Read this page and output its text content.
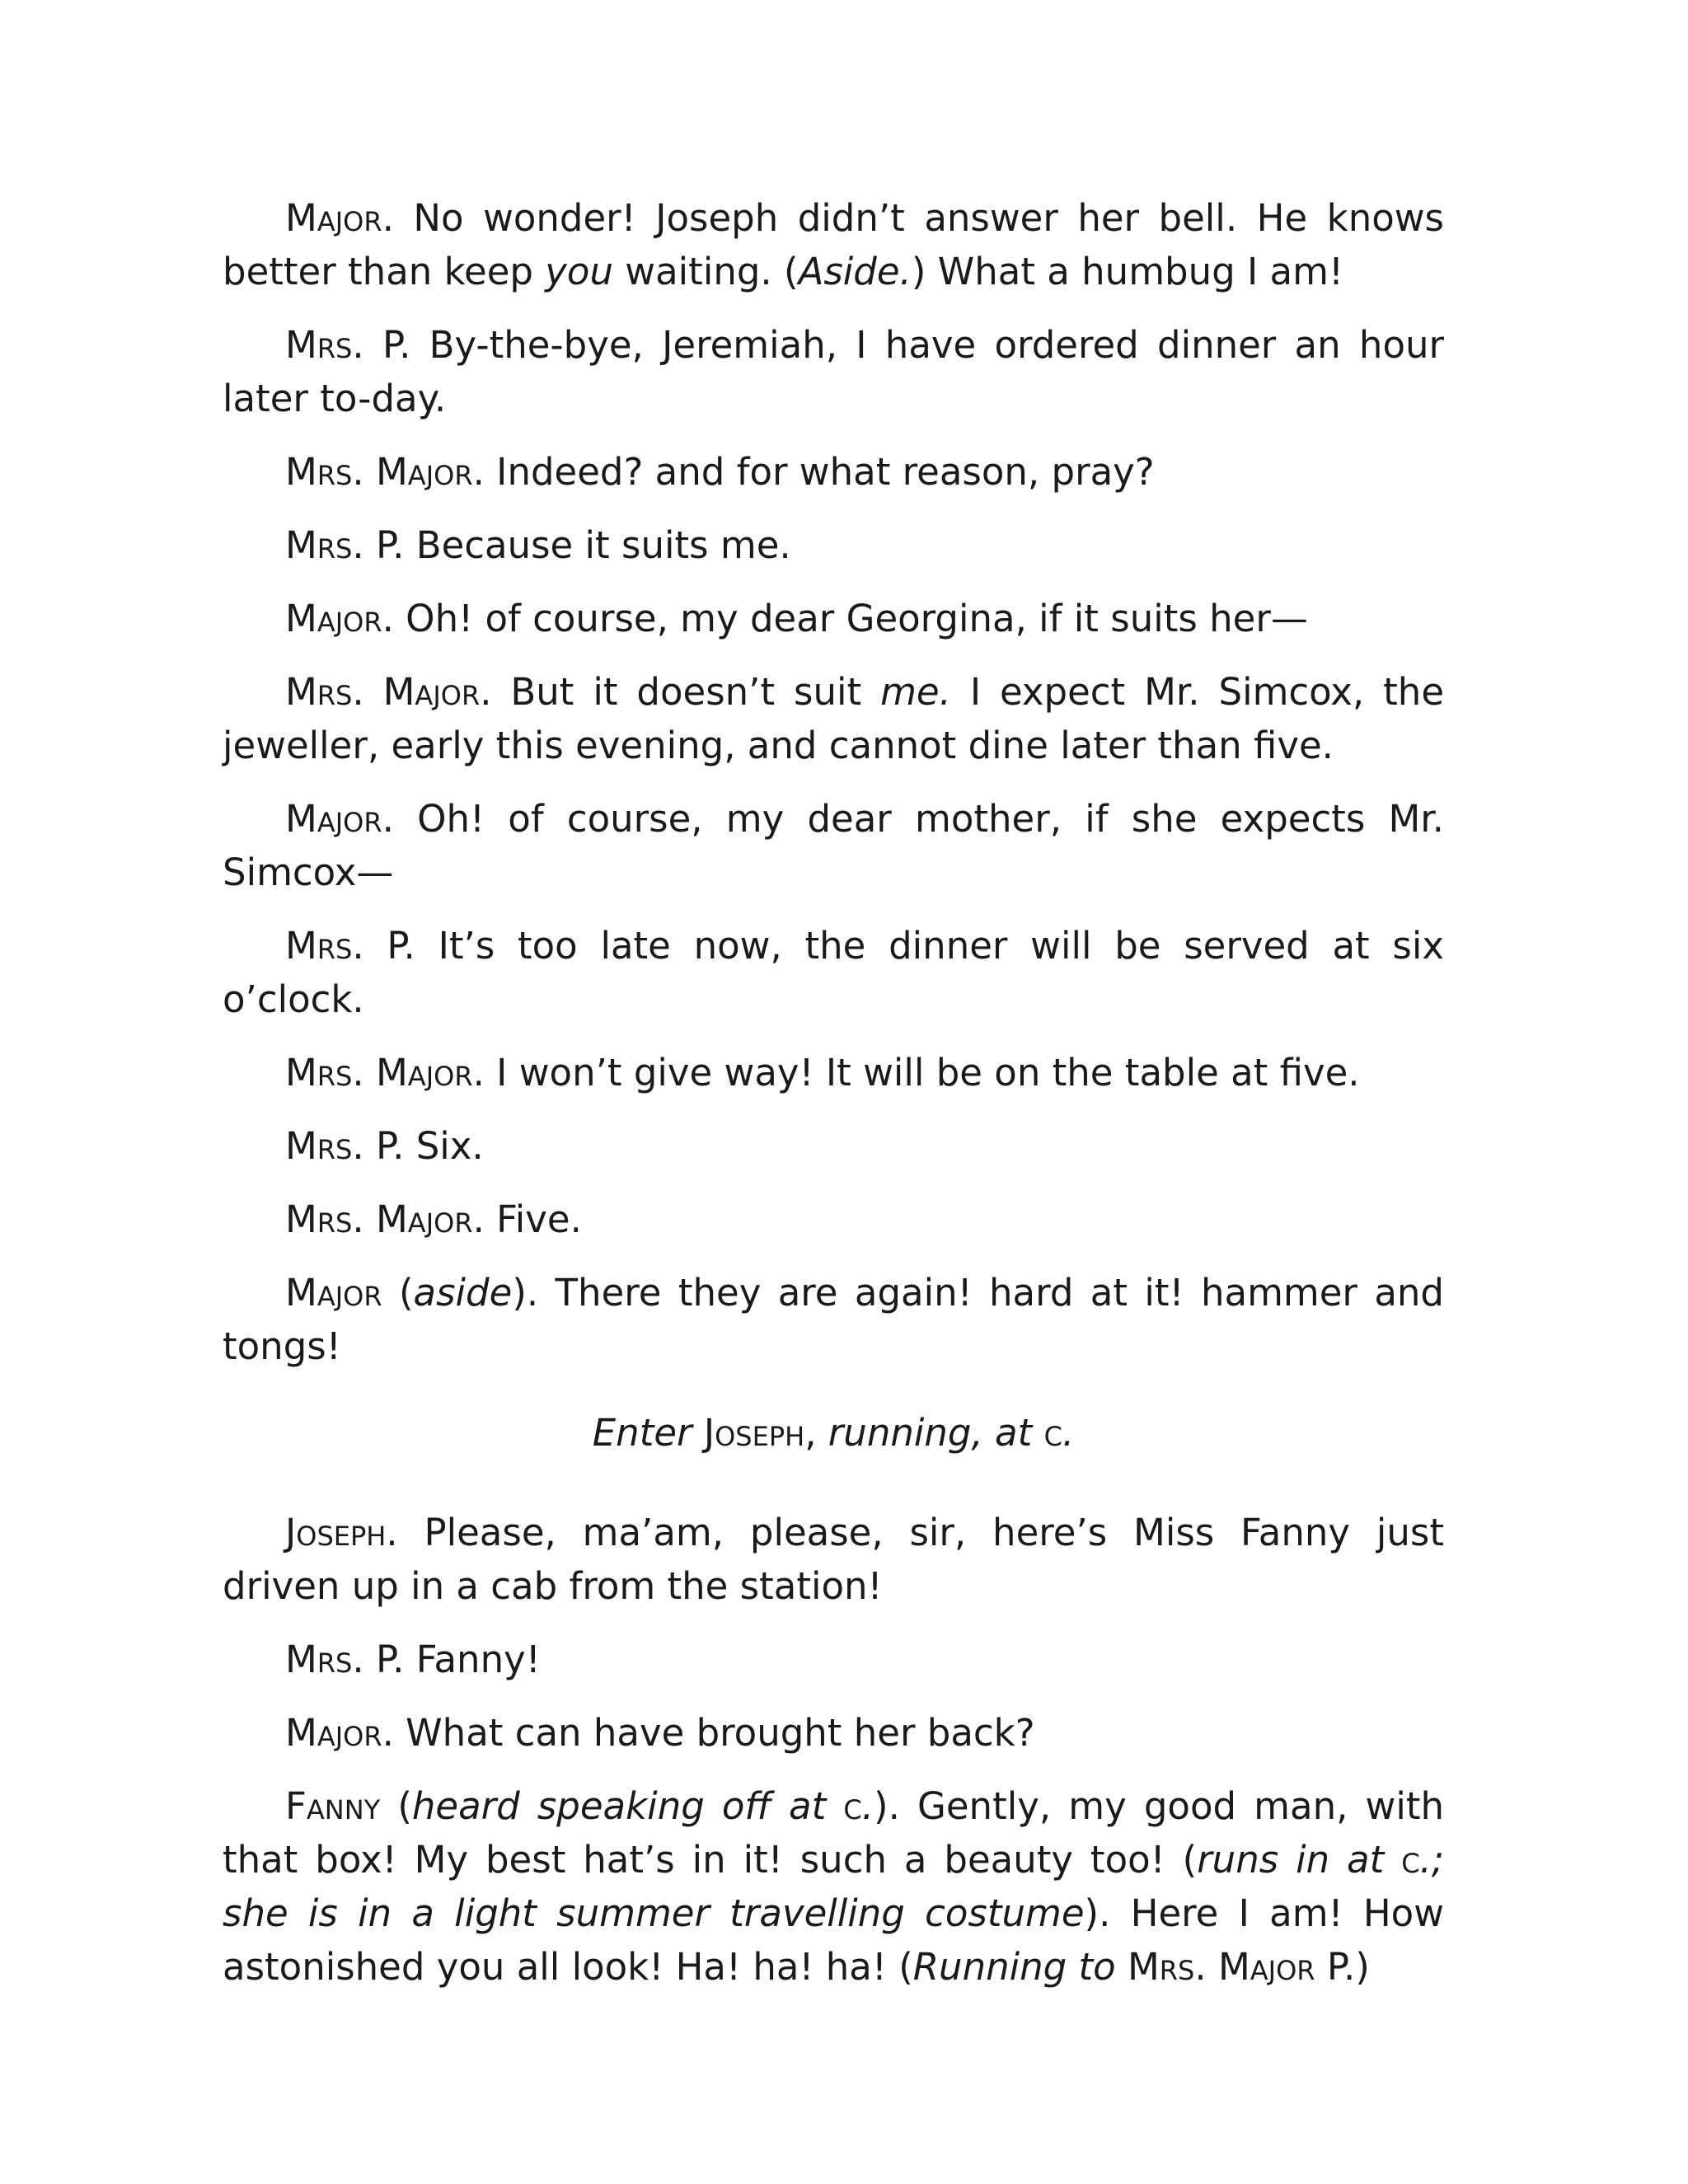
Major. No wonder! Joseph didn’t answer her bell. He knows better than keep you waiting. (Aside.) What a humbug I am!

Mrs. P. By-the-bye, Jeremiah, I have ordered dinner an hour later to-day.

Mrs. Major. Indeed? and for what reason, pray?

Mrs. P. Because it suits me.

Major. Oh! of course, my dear Georgina, if it suits her—

Mrs. Major. But it doesn’t suit me. I expect Mr. Simcox, the jeweller, early this evening, and cannot dine later than five.

Major. Oh! of course, my dear mother, if she expects Mr. Simcox—

Mrs. P. It’s too late now, the dinner will be served at six o’clock.

Mrs. Major. I won’t give way! It will be on the table at five.

Mrs. P. Six.

Mrs. Major. Five.

Major (aside). There they are again! hard at it! hammer and tongs!

Enter Joseph, running, at c.

Joseph. Please, ma’am, please, sir, here’s Miss Fanny just driven up in a cab from the station!

Mrs. P. Fanny!

Major. What can have brought her back?

Fanny (heard speaking off at c.). Gently, my good man, with that box! My best hat’s in it! such a beauty too! (runs in at c.; she is in a light summer travelling costume). Here I am! How astonished you all look! Ha! ha! ha! (Running to Mrs. Major P.)
